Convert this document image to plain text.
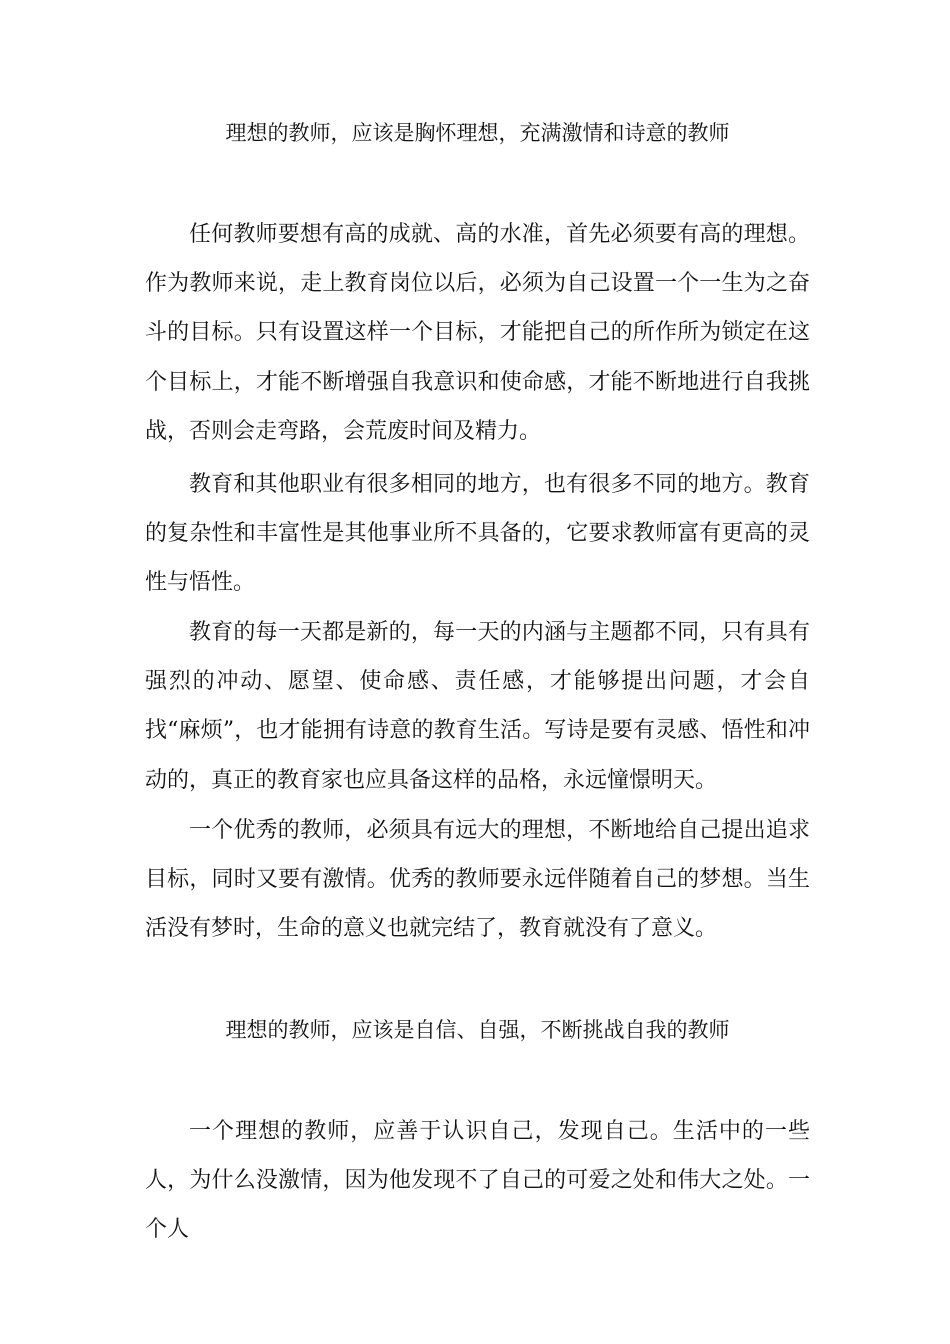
理想的教师，应该是胸怀理想，充满激情和诗意的教师
任何教师要想有高的成就、高的水准，首先必须要有高的理想。作为教师来说，走上教育岗位以后，必须为自己设置一个一生为之奋斗的目标。只有设置这样一个目标，才能把自己的所作所为锁定在这个目标上，才能不断增强自我意识和使命感，才能不断地进行自我挑战，否则会走弯路，会荒废时间及精力。
教育和其他职业有很多相同的地方，也有很多不同的地方。教育的复杂性和丰富性是其他事业所不具备的，它要求教师富有更高的灵性与悟性。
教育的每一天都是新的，每一天的内涵与主题都不同，只有具有强烈的冲动、愿望、使命感、责任感，才能够提出问题，才会自找“麻烦”，也才能拥有诗意的教育生活。写诗是要有灵感、悟性和冲动的，真正的教育家也应具备这样的品格，永远憧憬明天。
一个优秀的教师，必须具有远大的理想，不断地给自己提出追求目标，同时又要有激情。优秀的教师要永远伴随着自己的梦想。当生活没有梦时，生命的意义也就完结了，教育就没有了意义。
理想的教师，应该是自信、自强，不断挑战自我的教师
一个理想的教师，应善于认识自己，发现自己。生活中的一些人，为什么没激情，因为他发现不了自己的可爱之处和伟大之处。一个人
